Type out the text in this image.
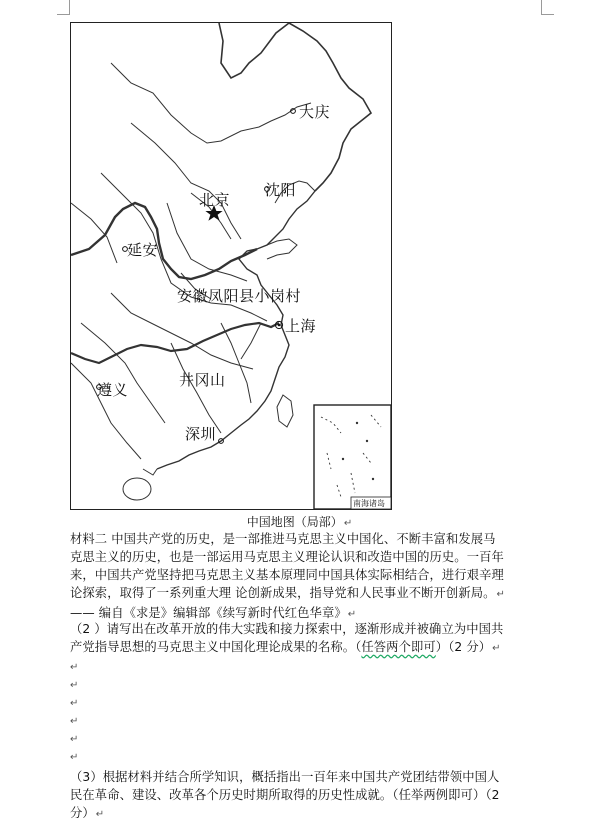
大庆
北京
沈阳
延安
安徽凤阳县小岗村
上海
遵义
井冈山
深圳
南海诸岛
中国地图（局部）↵
材料二 中国共产党的历史，是一部推进马克思主义中国化、不断丰富和发展马
克思主义的历史，也是一部运用马克思主义理论认识和改造中国的历史。一百年
来，中国共产党坚持把马克思主义基本原理同中国具体实际相结合，进行艰辛理
论探索，取得了一系列重大理 论创新成果，指导党和人民事业不断开创新局。↵
—— 编自《求是》编辑部《续写新时代红色华章》↵
（2 ）请写出在改革开放的伟大实践和接力探索中，逐渐形成并被确立为中国共
产党指导思想的马克思主义中国化理论成果的名称。（任答两个即可）（2 分）↵
↵
↵
↵
↵
↵
↵
（3）根据材料并结合所学知识，概括指出一百年来中国共产党团结带领中国人
民在革命、建设、改革各个历史时期所取得的历史性成就。（任举两例即可）（2
分）↵
